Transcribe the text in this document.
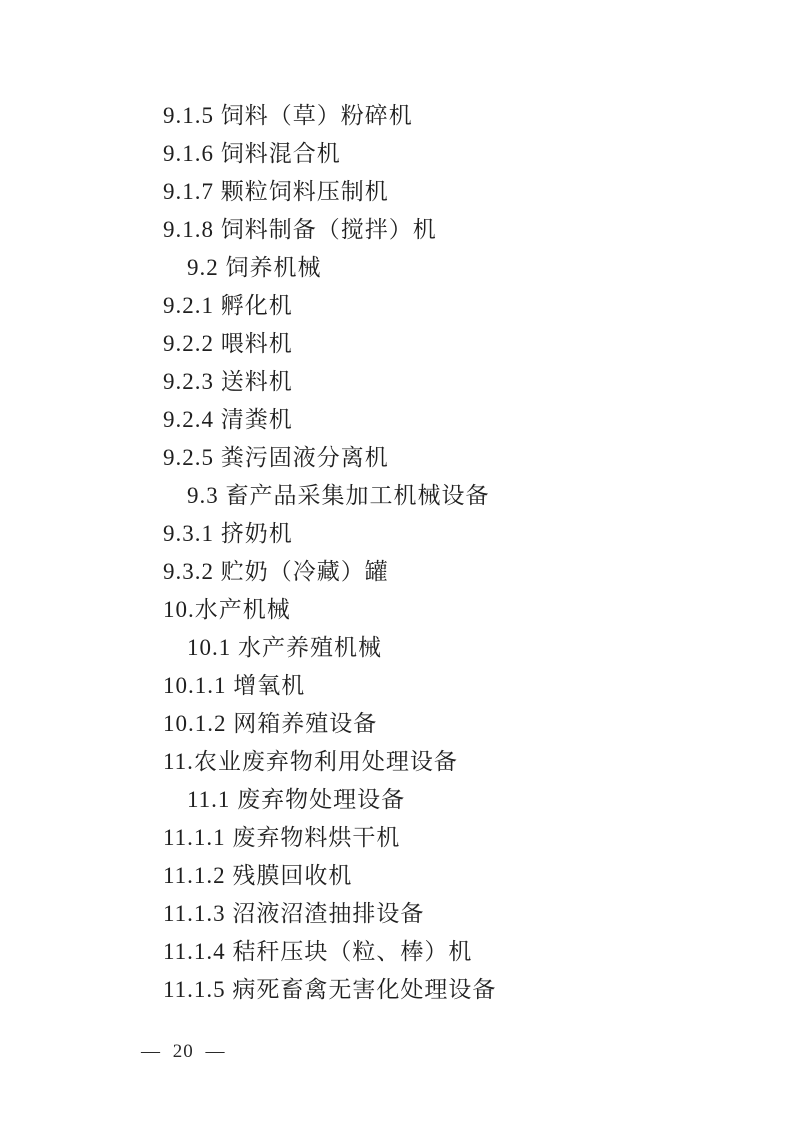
9.1.5 饲料（草）粉碎机
9.1.6 饲料混合机
9.1.7 颗粒饲料压制机
9.1.8 饲料制备（搅拌）机
9.2 饲养机械
9.2.1 孵化机
9.2.2 喂料机
9.2.3 送料机
9.2.4 清粪机
9.2.5 粪污固液分离机
9.3 畜产品采集加工机械设备
9.3.1 挤奶机
9.3.2 贮奶（冷藏）罐
10.水产机械
10.1 水产养殖机械
10.1.1 增氧机
10.1.2 网箱养殖设备
11.农业废弃物利用处理设备
11.1 废弃物处理设备
11.1.1 废弃物料烘干机
11.1.2 残膜回收机
11.1.3 沼液沼渣抽排设备
11.1.4 秸秆压块（粒、棒）机
11.1.5 病死畜禽无害化处理设备
— 20 —
